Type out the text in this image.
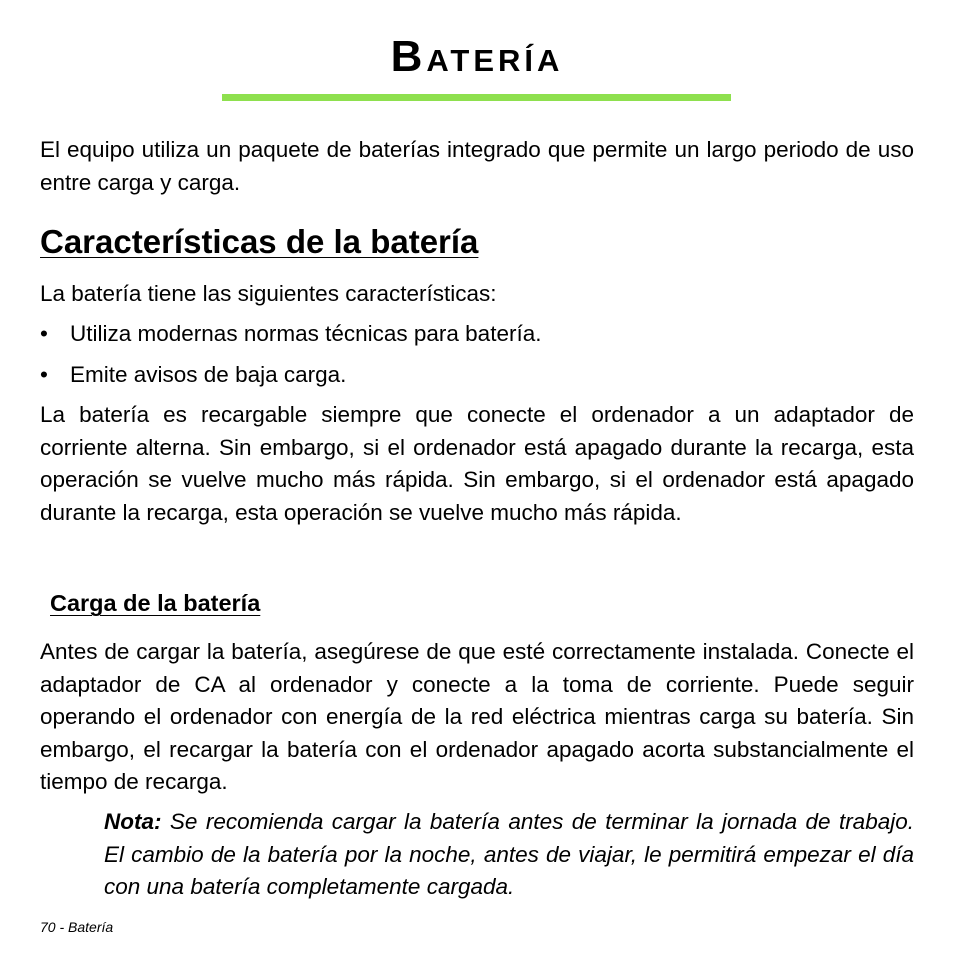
Batería

El equipo utiliza un paquete de baterías integrado que permite un largo periodo de uso entre carga y carga.

Características de la batería

La batería tiene las siguientes características:

• Utiliza modernas normas técnicas para batería.
• Emite avisos de baja carga.

La batería es recargable siempre que conecte el ordenador a un adaptador de corriente alterna. Sin embargo, si el ordenador está apagado durante la recarga, esta operación se vuelve mucho más rápida. Sin embargo, si el ordenador está apagado durante la recarga, esta operación se vuelve mucho más rápida.

Carga de la batería

Antes de cargar la batería, asegúrese de que esté correctamente instalada. Conecte el adaptador de CA al ordenador y conecte a la toma de corriente. Puede seguir operando el ordenador con energía de la red eléctrica mientras carga su batería. Sin embargo, el recargar la batería con el ordenador apagado acorta substancialmente el tiempo de recarga.

Nota: Se recomienda cargar la batería antes de terminar la jornada de trabajo. El cambio de la batería por la noche, antes de viajar, le permitirá empezar el día con una batería completamente cargada.

70 - Batería
